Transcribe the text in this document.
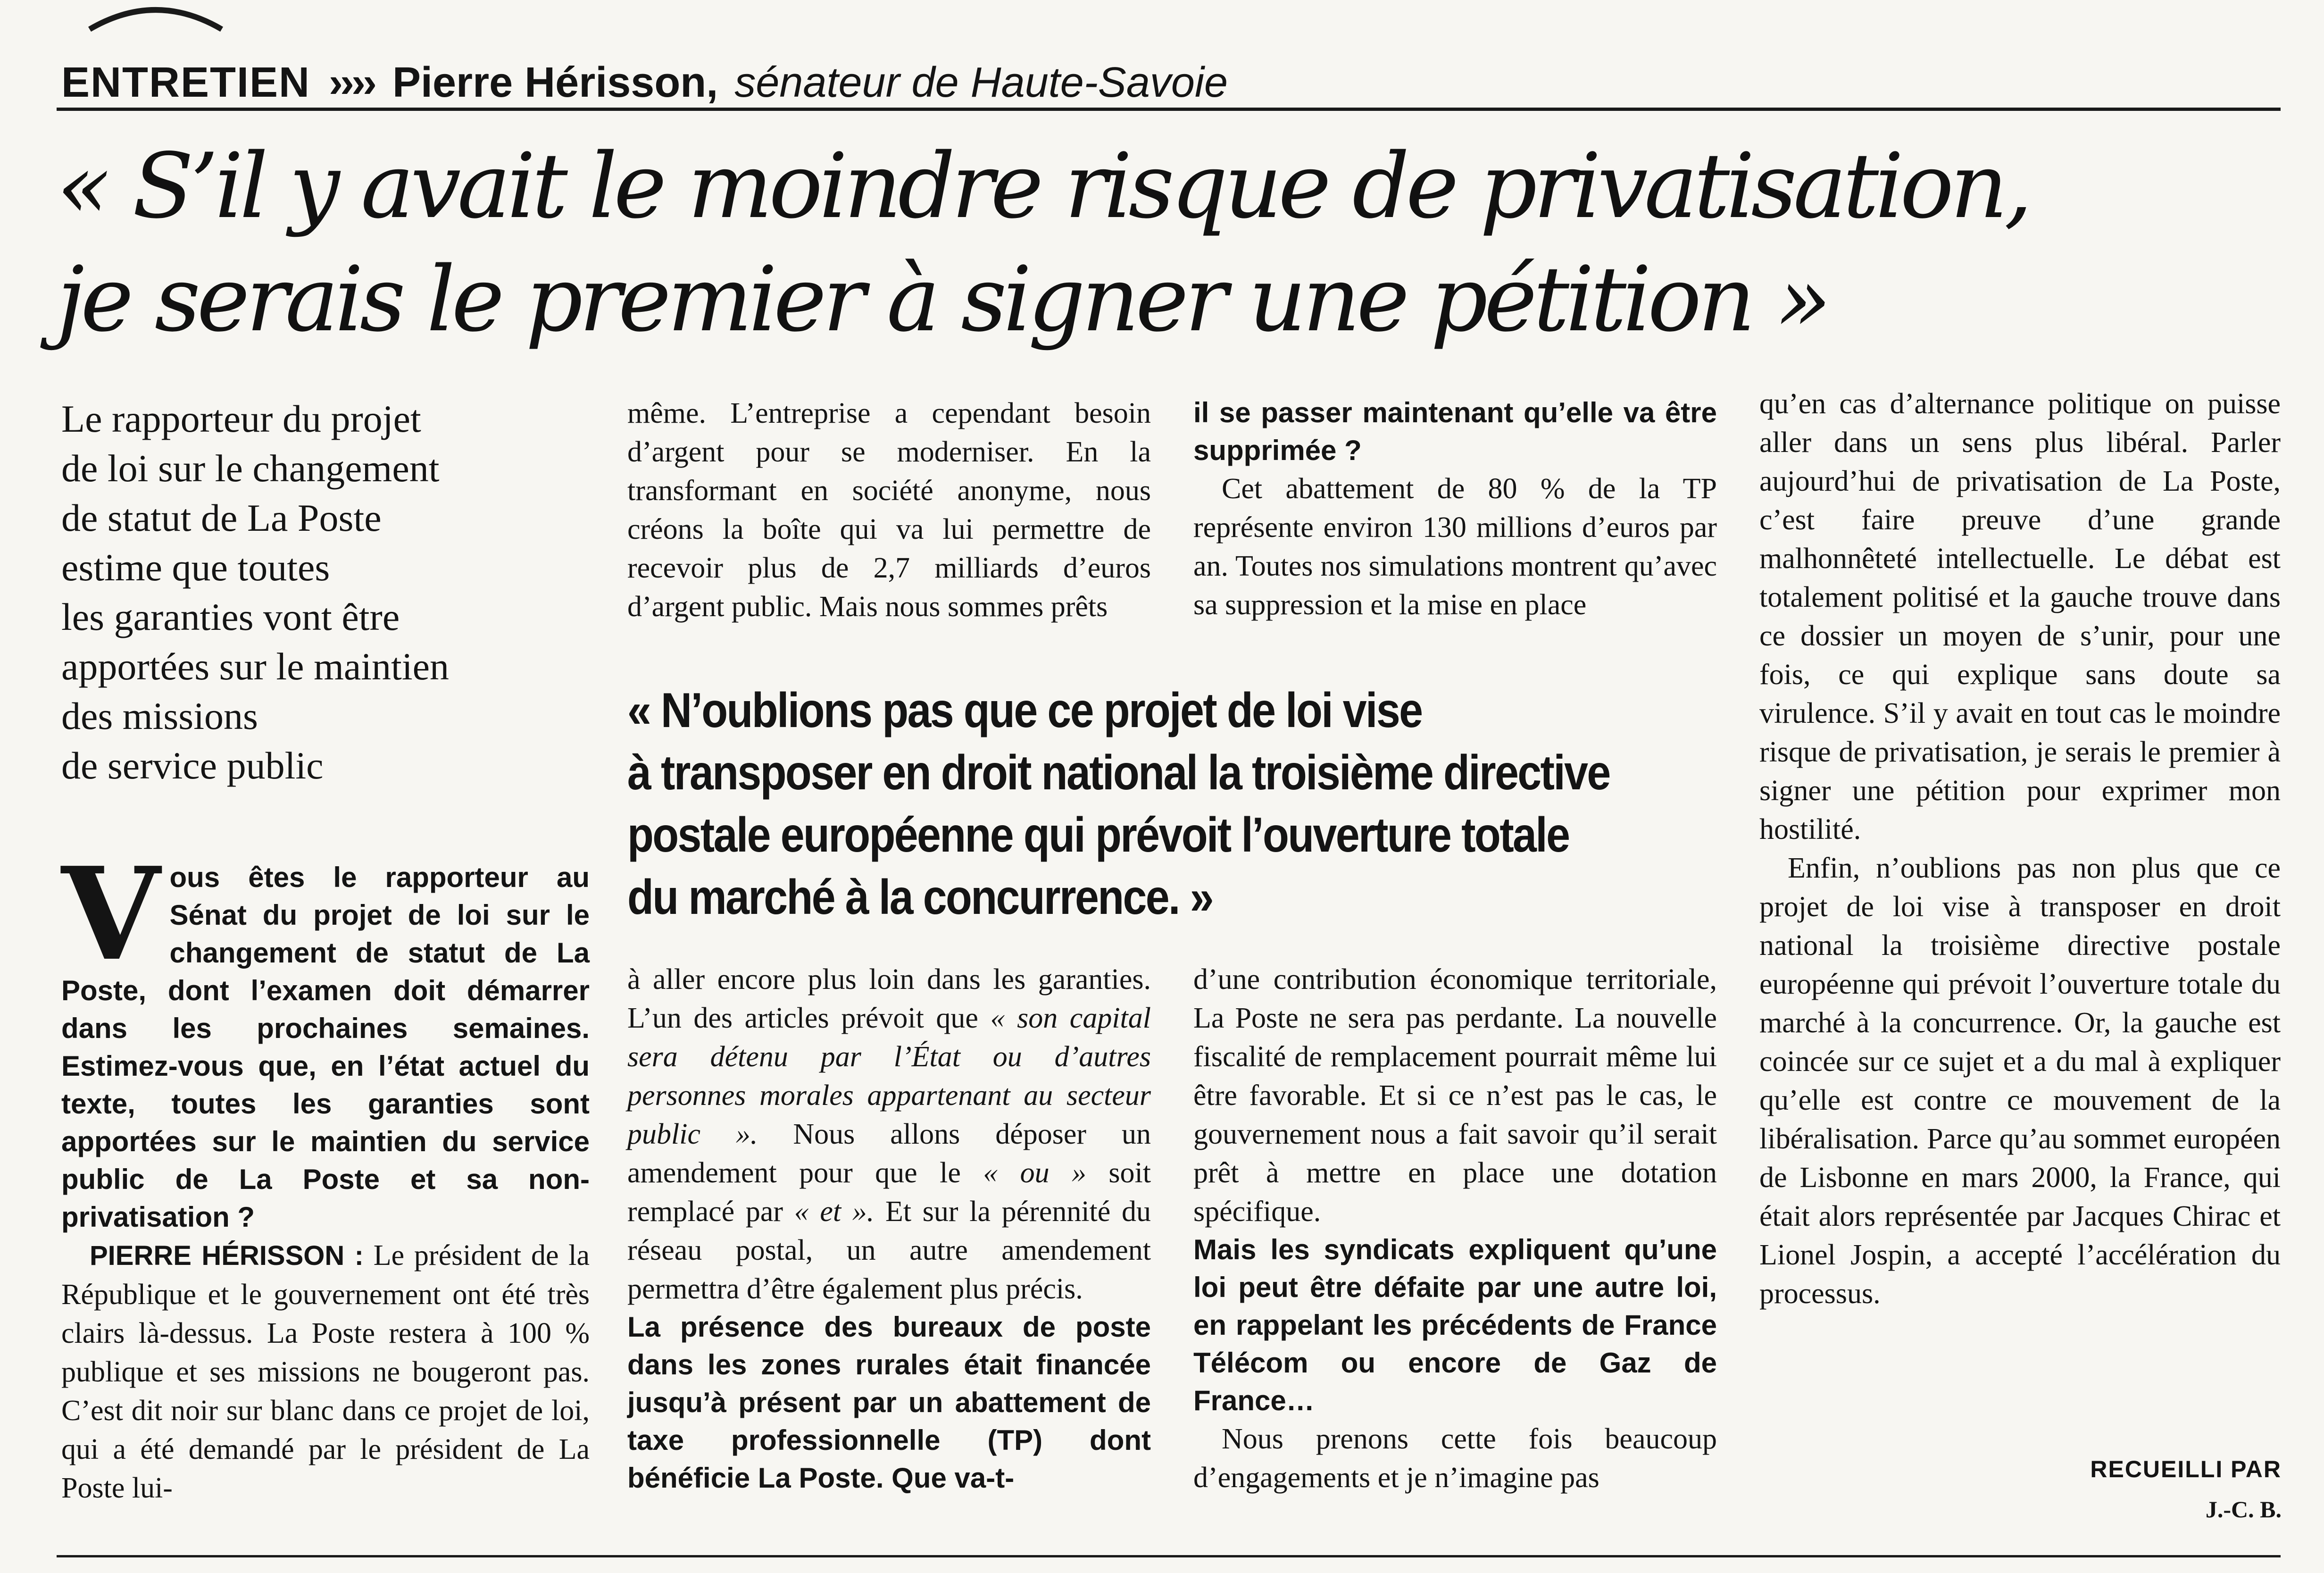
ENTRETIEN ›››› Pierre Hérisson, sénateur de Haute-Savoie
« S’il y avait le moindre risque de privatisation,
je serais le premier à signer une pétition »
Le rapporteur du projet
de loi sur le changement
de statut de La Poste
estime que toutes
les garanties vont être
apportées sur le maintien
des missions
de service public
V ous êtes le rapporteur au Sénat du projet de loi sur le changement de statut de La Poste, dont l’examen doit démarrer dans les prochaines semaines. Estimez-vous que, en l’état actuel du texte, toutes les garanties sont apportées sur le maintien du service public de La Poste et sa non-privatisation ?

PIERRE HÉRISSON : Le président de la République et le gouvernement ont été très clairs là-dessus. La Poste restera à 100 % publique et ses missions ne bougeront pas. C’est dit noir sur blanc dans ce projet de loi, qui a été demandé par le président de La Poste lui-

même. L’entreprise a cependant besoin d’argent pour se moderniser. En la transformant en société anonyme, nous créons la boîte qui va lui permettre de recevoir plus de 2,7 milliards d’euros d’argent public. Mais nous sommes prêts

il se passer maintenant qu’elle va être supprimée ?

Cet abattement de 80 % de la TP représente environ 130 millions d’euros par an. Toutes nos simulations montrent qu’avec sa suppression et la mise en place

« N’oublions pas que ce projet de loi vise
à transposer en droit national la troisième directive
postale européenne qui prévoit l’ouverture totale
du marché à la concurrence. »

à aller encore plus loin dans les garanties. L’un des articles prévoit que « son capital sera détenu par l’État ou d’autres personnes morales appartenant au secteur public ». Nous allons déposer un amendement pour que le « ou » soit remplacé par « et ». Et sur la pérennité du réseau postal, un autre amendement permettra d’être également plus précis.

La présence des bureaux de poste dans les zones rurales était financée jusqu’à présent par un abattement de taxe professionnelle (TP) dont bénéficie La Poste. Que va-t-

d’une contribution économique territoriale, La Poste ne sera pas perdante. La nouvelle fiscalité de remplacement pourrait même lui être favorable. Et si ce n’est pas le cas, le gouvernement nous a fait savoir qu’il serait prêt à mettre en place une dotation spécifique.

Mais les syndicats expliquent qu’une loi peut être défaite par une autre loi, en rappelant les précédents de France Télécom ou encore de Gaz de France…

Nous prenons cette fois beaucoup d’engagements et je n’imagine pas

qu’en cas d’alternance politique on puisse aller dans un sens plus libéral. Parler aujourd’hui de privatisation de La Poste, c’est faire preuve d’une grande malhonnêteté intellectuelle. Le débat est totalement politisé et la gauche trouve dans ce dossier un moyen de s’unir, pour une fois, ce qui explique sans doute sa virulence. S’il y avait en tout cas le moindre risque de privatisation, je serais le premier à signer une pétition pour exprimer mon hostilité.

Enfin, n’oublions pas non plus que ce projet de loi vise à transposer en droit national la troisième directive postale européenne qui prévoit l’ouverture totale du marché à la concurrence. Or, la gauche est coincée sur ce sujet et a du mal à expliquer qu’elle est contre ce mouvement de la libéralisation. Parce qu’au sommet européen de Lisbonne en mars 2000, la France, qui était alors représentée par Jacques Chirac et Lionel Jospin, a accepté l’accélération du processus.

RECUEILLI PAR
J.-C. B.
